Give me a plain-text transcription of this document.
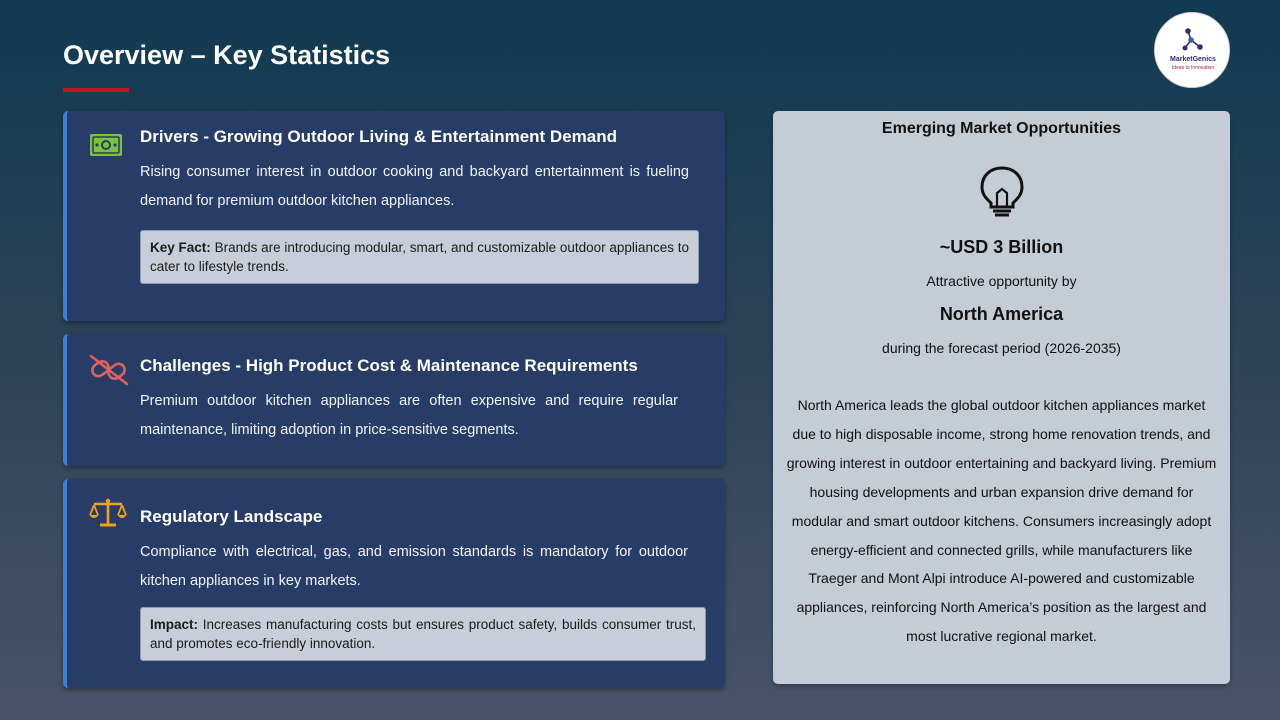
Overview – Key Statistics	MarketGenics
Ideas to Innovation
Drivers - Growing Outdoor Living & Entertainment Demand
Rising consumer interest in outdoor cooking and backyard entertainment is fueling demand for premium outdoor kitchen appliances.
Key Fact: Brands are introducing modular, smart, and customizable outdoor appliances to cater to lifestyle trends.
Challenges - High Product Cost & Maintenance Requirements
Premium outdoor kitchen appliances are often expensive and require regular maintenance, limiting adoption in price-sensitive segments.
Regulatory Landscape
Compliance with electrical, gas, and emission standards is mandatory for outdoor kitchen appliances in key markets.
Impact: Increases manufacturing costs but ensures product safety, builds consumer trust, and promotes eco-friendly innovation.
Emerging Market Opportunities
~USD 3 Billion
Attractive opportunity by
North America
during the forecast period (2026-2035)
North America leads the global outdoor kitchen appliances market due to high disposable income, strong home renovation trends, and growing interest in outdoor entertaining and backyard living. Premium housing developments and urban expansion drive demand for modular and smart outdoor kitchens. Consumers increasingly adopt energy-efficient and connected grills, while manufacturers like Traeger and Mont Alpi introduce AI-powered and customizable appliances, reinforcing North America’s position as the largest and most lucrative regional market.
